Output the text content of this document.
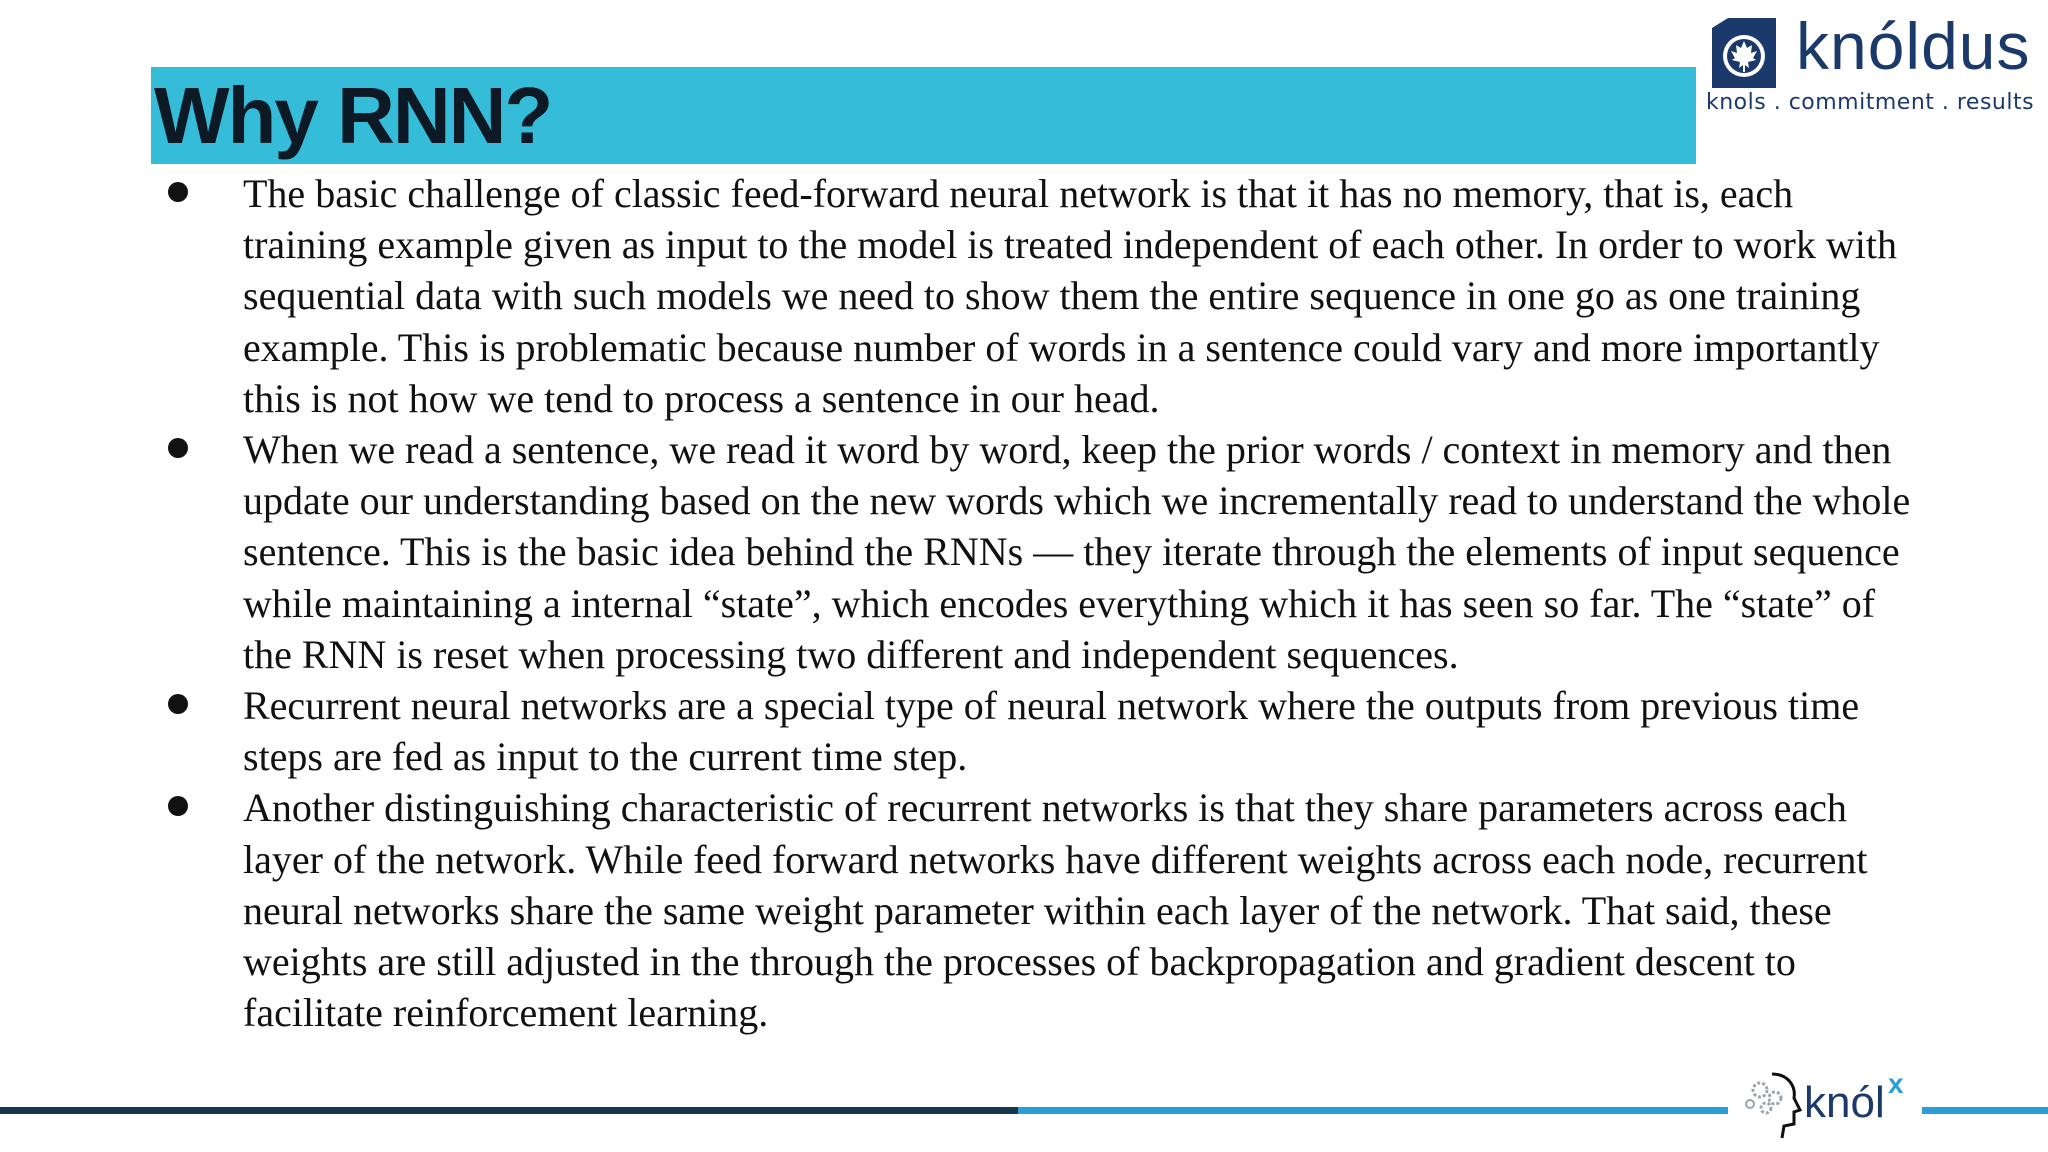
Why RNN?
knóldus
knols . commitment . results
The basic challenge of classic feed-forward neural network is that it has no memory, that is, each training example given as input to the model is treated independent of each other. In order to work with sequential data with such models we need to show them the entire sequence in one go as one training example. This is problematic because number of words in a sentence could vary and more importantly this is not how we tend to process a sentence in our head.
When we read a sentence, we read it word by word, keep the prior words / context in memory and then update our understanding based on the new words which we incrementally read to understand the whole sentence. This is the basic idea behind the RNNs — they iterate through the elements of input sequence while maintaining a internal “state”, which encodes everything which it has seen so far. The “state” of the RNN is reset when processing two different and independent sequences.
Recurrent neural networks are a special type of neural network where the outputs from previous time steps are fed as input to the current time step.
Another distinguishing characteristic of recurrent networks is that they share parameters across each layer of the network. While feed forward networks have different weights across each node, recurrent neural networks share the same weight parameter within each layer of the network. That said, these weights are still adjusted in the through the processes of backpropagation and gradient descent to facilitate reinforcement learning.
knól x
